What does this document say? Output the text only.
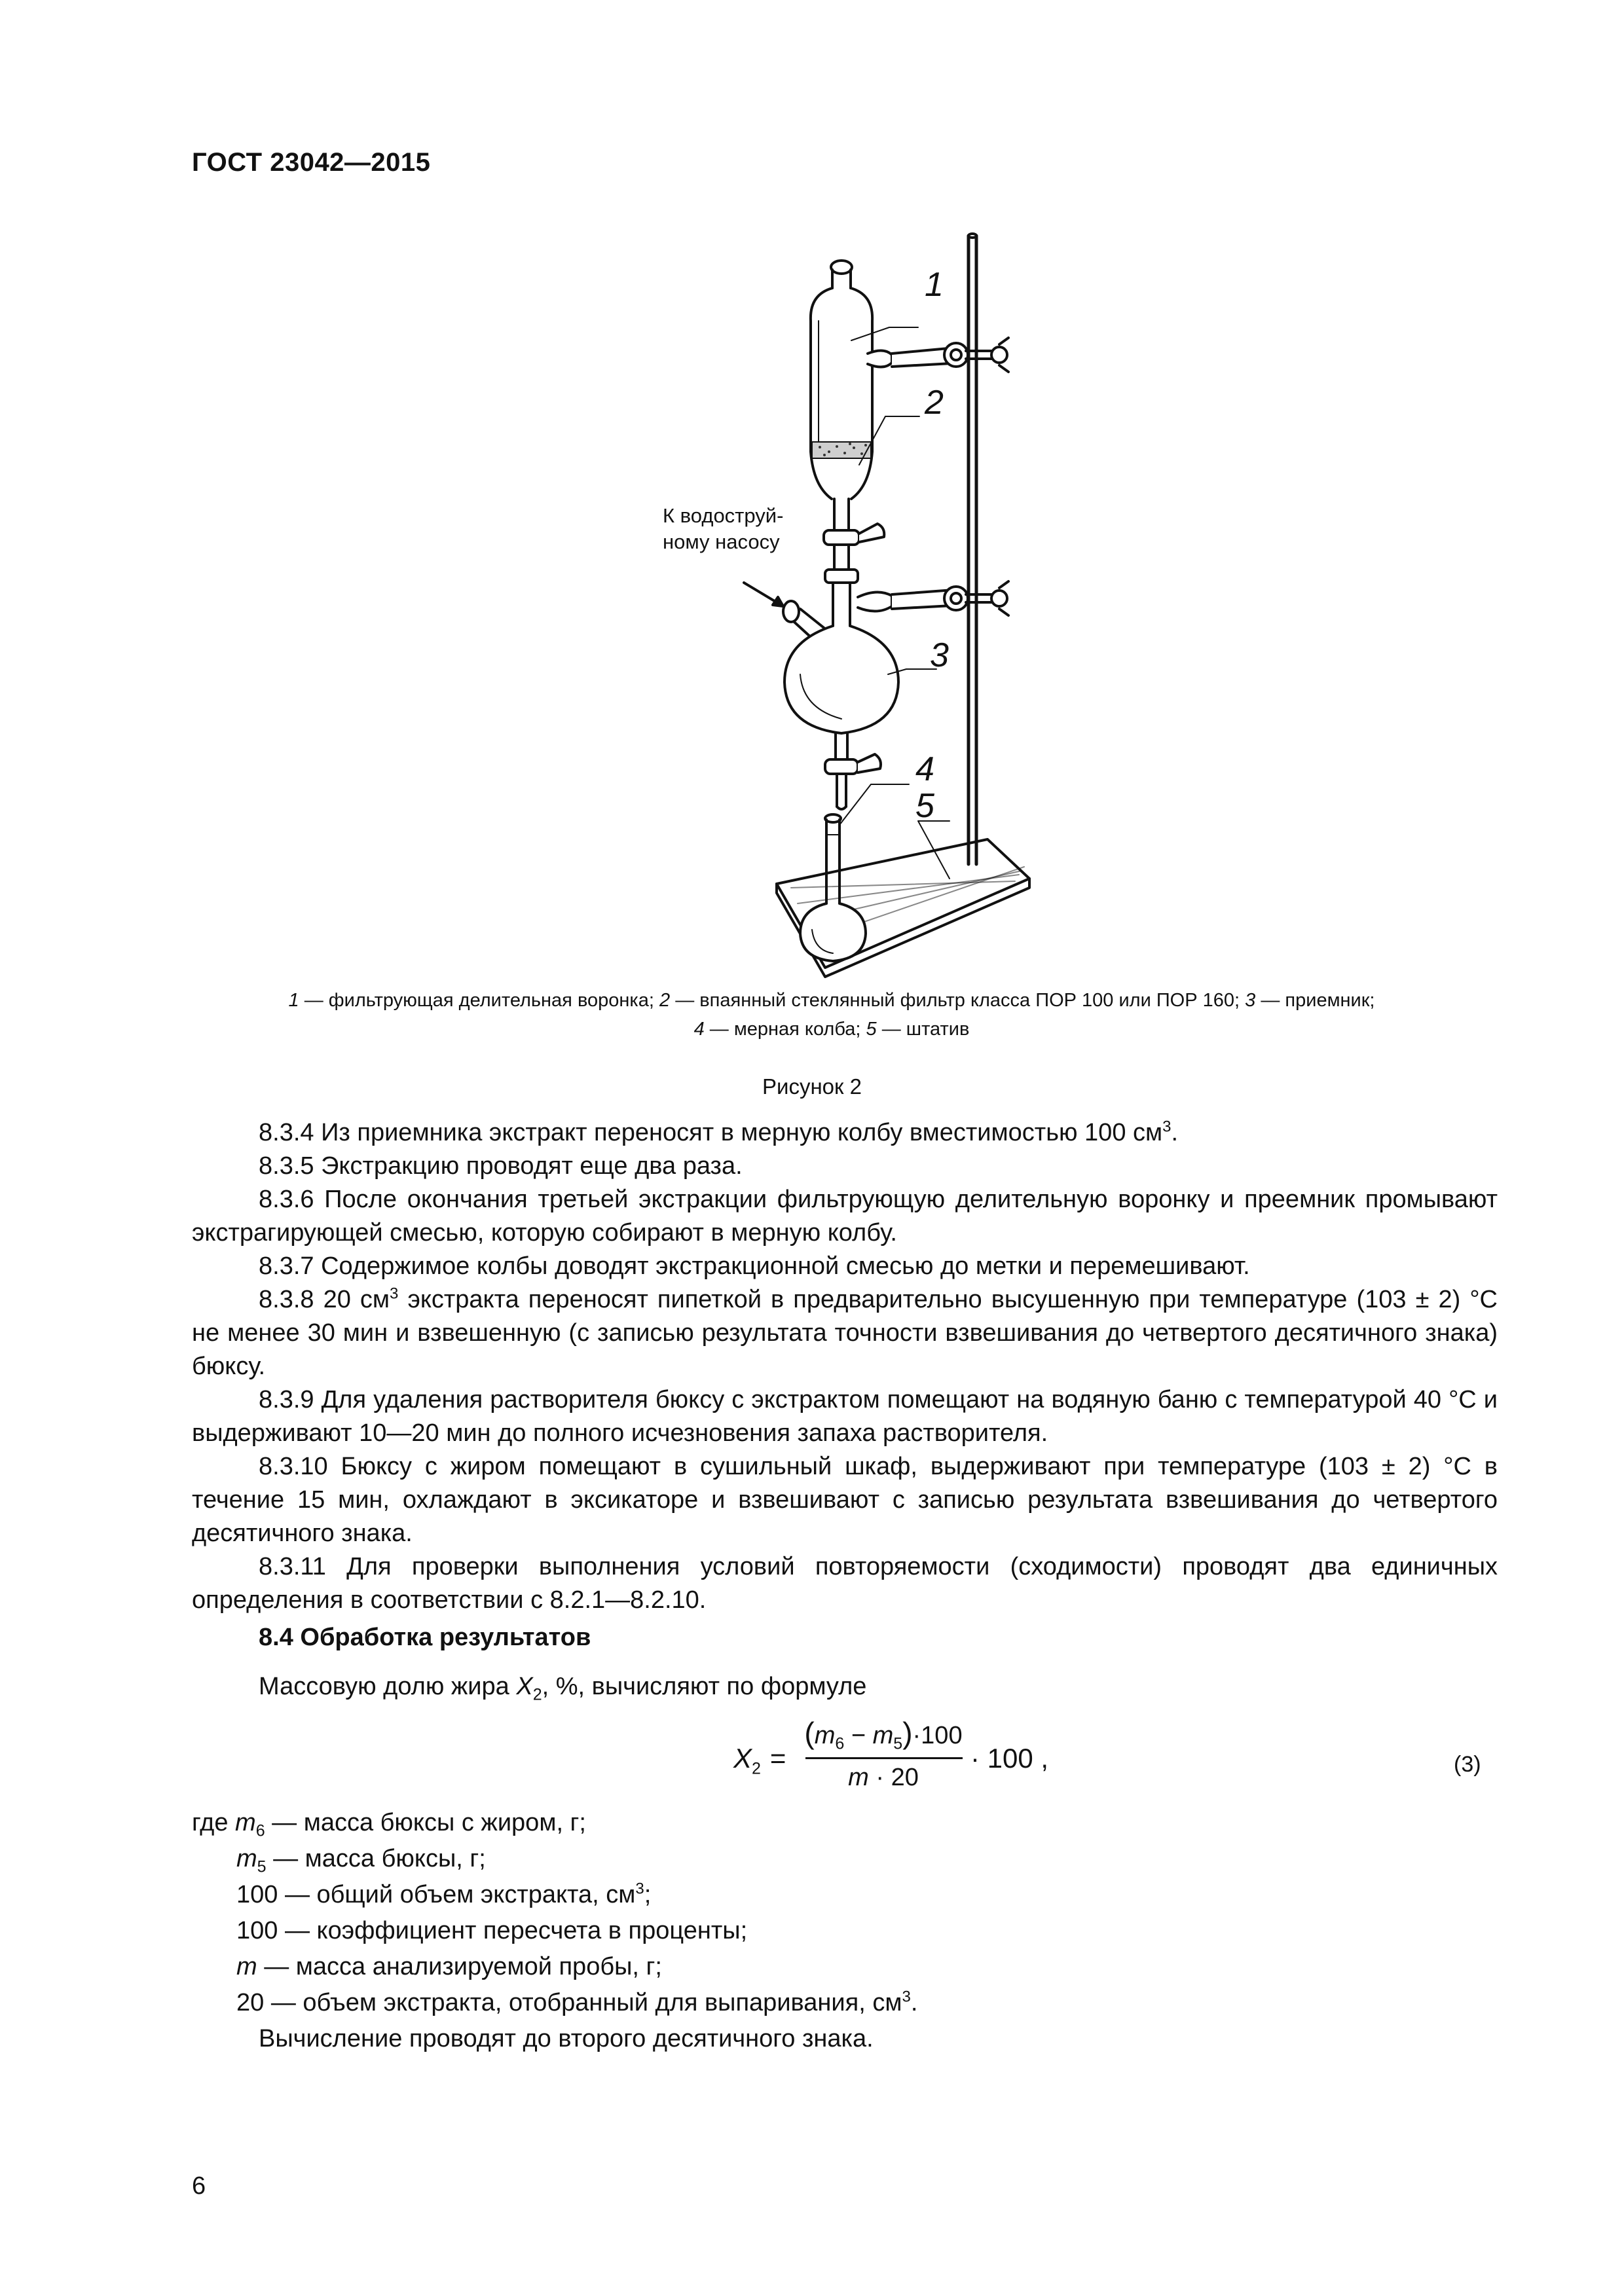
ГОСТ 23042—2015
1
2
3
4
5
К водоструй-
ному насосу
1 — фильтрующая делительная воронка; 2 — впаянный стеклянный фильтр класса ПОР 100 или ПОР 160; 3 — приемник;
4 — мерная колба; 5 — штатив
Рисунок 2

8.3.4 Из приемника экстракт переносят в мерную колбу вместимостью 100 $см^3$.

8.3.5 Экстракцию проводят еще два раза.

8.3.6 После окончания третьей экстракции фильтрующую делительную воронку и преемник промывают экстрагирующей смесью, которую собирают в мерную колбу.

8.3.7 Содержимое колбы доводят экстракционной смесью до метки и перемешивают.

8.3.8 20 $см^3$ экстракта переносят пипеткой в предварительно высушенную при температуре (103 ± 2) °С не менее 30 мин и взвешенную (с записью результата точности взвешивания до четвертого десятичного знака) бюксу.

8.3.9 Для удаления растворителя бюксу с экстрактом помещают на водяную баню с температурой 40 °С и выдерживают 10—20 мин до полного исчезновения запаха растворителя.

8.3.10 Бюксу с жиром помещают в сушильный шкаф, выдерживают при температуре (103 ± 2) °С в течение 15 мин, охлаждают в эксикаторе и взвешивают с записью результата взвешивания до четвертого десятичного знака.

8.3.11 Для проверки выполнения условий повторяемости (сходимости) проводят два единичных определения в соответствии с 8.2.1—8.2.10.

8.4 Обработка результатов
Массовую долю жира $X_2$, %, вычисляют по формуле
$X_2$ =
$(m_6 - m_5)\cdot 100$
m · 20
· 100 ,	(3)
где $m_6$ — масса бюксы с жиром, г;
$m_5$ — масса бюксы, г;
100 — общий объем экстракта, $см^3$;
100 — коэффициент пересчета в проценты;
m — масса анализируемой пробы, г;
20 — объем экстракта, отобранный для выпаривания, $см^3$.
Вычисление проводят до второго десятичного знака.
6
